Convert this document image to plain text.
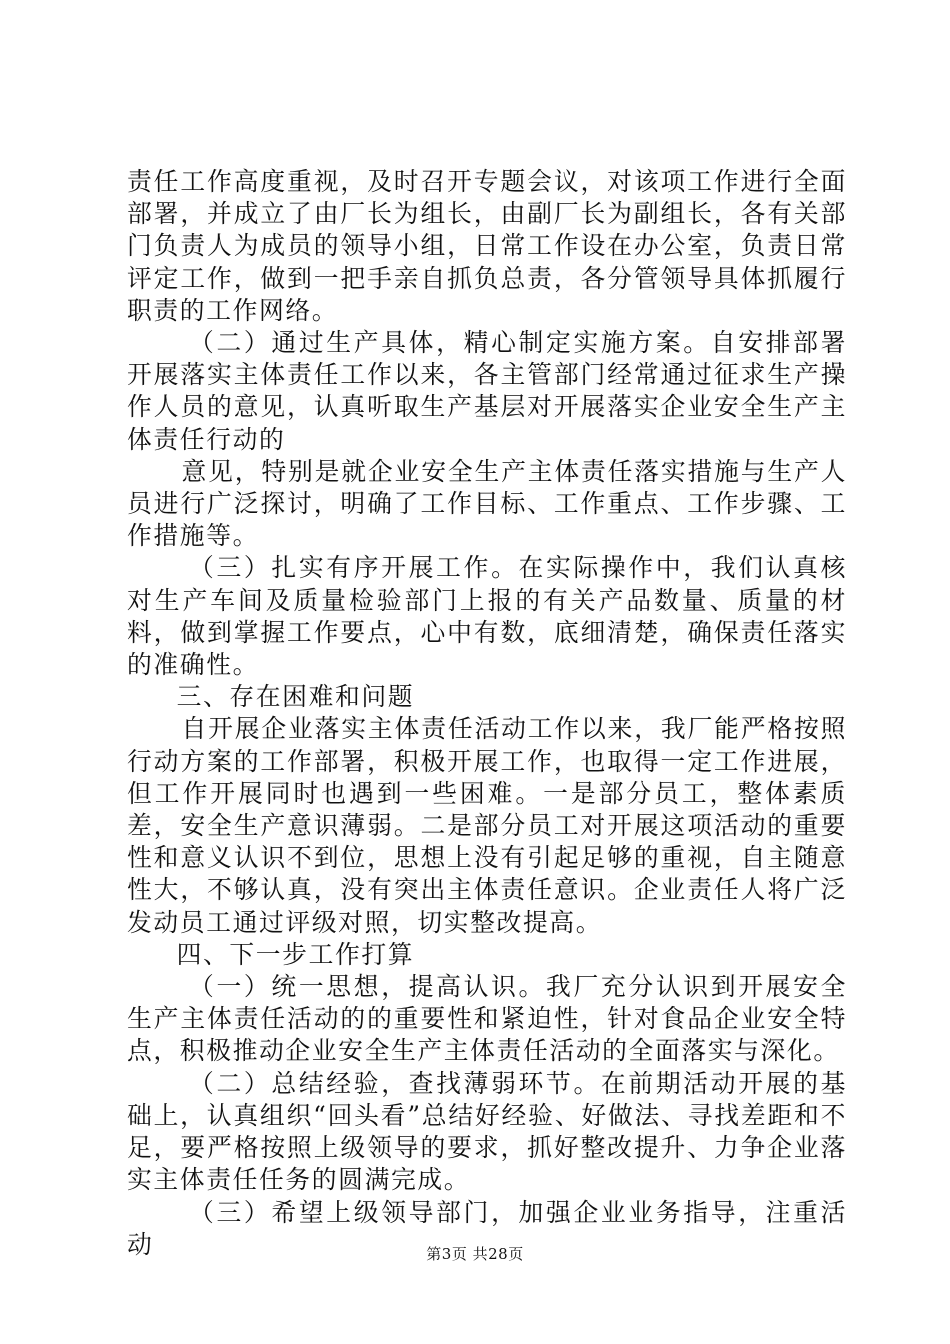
责任工作高度重视，及时召开专题会议，对该项工作进行全面部署，并成立了由厂长为组长，由副厂长为副组长，各有关部门负责人为成员的领导小组，日常工作设在办公室，负责日常评定工作，做到一把手亲自抓负总责，各分管领导具体抓履行职责的工作网络。

（二）通过生产具体，精心制定实施方案。自安排部署开展落实主体责任工作以来，各主管部门经常通过征求生产操作人员的意见，认真听取生产基层对开展落实企业安全生产主体责任行动的

意见，特别是就企业安全生产主体责任落实措施与生产人员进行广泛探讨，明确了工作目标、工作重点、工作步骤、工作措施等。

（三）扎实有序开展工作。在实际操作中，我们认真核对生产车间及质量检验部门上报的有关产品数量、质量的材料，做到掌握工作要点，心中有数，底细清楚，确保责任落实的准确性。

三、存在困难和问题

自开展企业落实主体责任活动工作以来，我厂能严格按照行动方案的工作部署，积极开展工作，也取得一定工作进展，但工作开展同时也遇到一些困难。一是部分员工，整体素质差，安全生产意识薄弱。二是部分员工对开展这项活动的重要性和意义认识不到位，思想上没有引起足够的重视，自主随意性大，不够认真，没有突出主体责任意识。企业责任人将广泛发动员工通过评级对照，切实整改提高。

四、下一步工作打算

（一）统一思想，提高认识。我厂充分认识到开展安全生产主体责任活动的的重要性和紧迫性，针对食品企业安全特点，积极推动企业安全生产主体责任活动的全面落实与深化。

（二）总结经验，查找薄弱环节。在前期活动开展的基础上，认真组织“回头看”总结好经验、好做法、寻找差距和不足，要严格按照上级领导的要求，抓好整改提升、力争企业落实主体责任任务的圆满完成。

（三）希望上级领导部门，加强企业业务指导，注重活动	第3页 共28页
